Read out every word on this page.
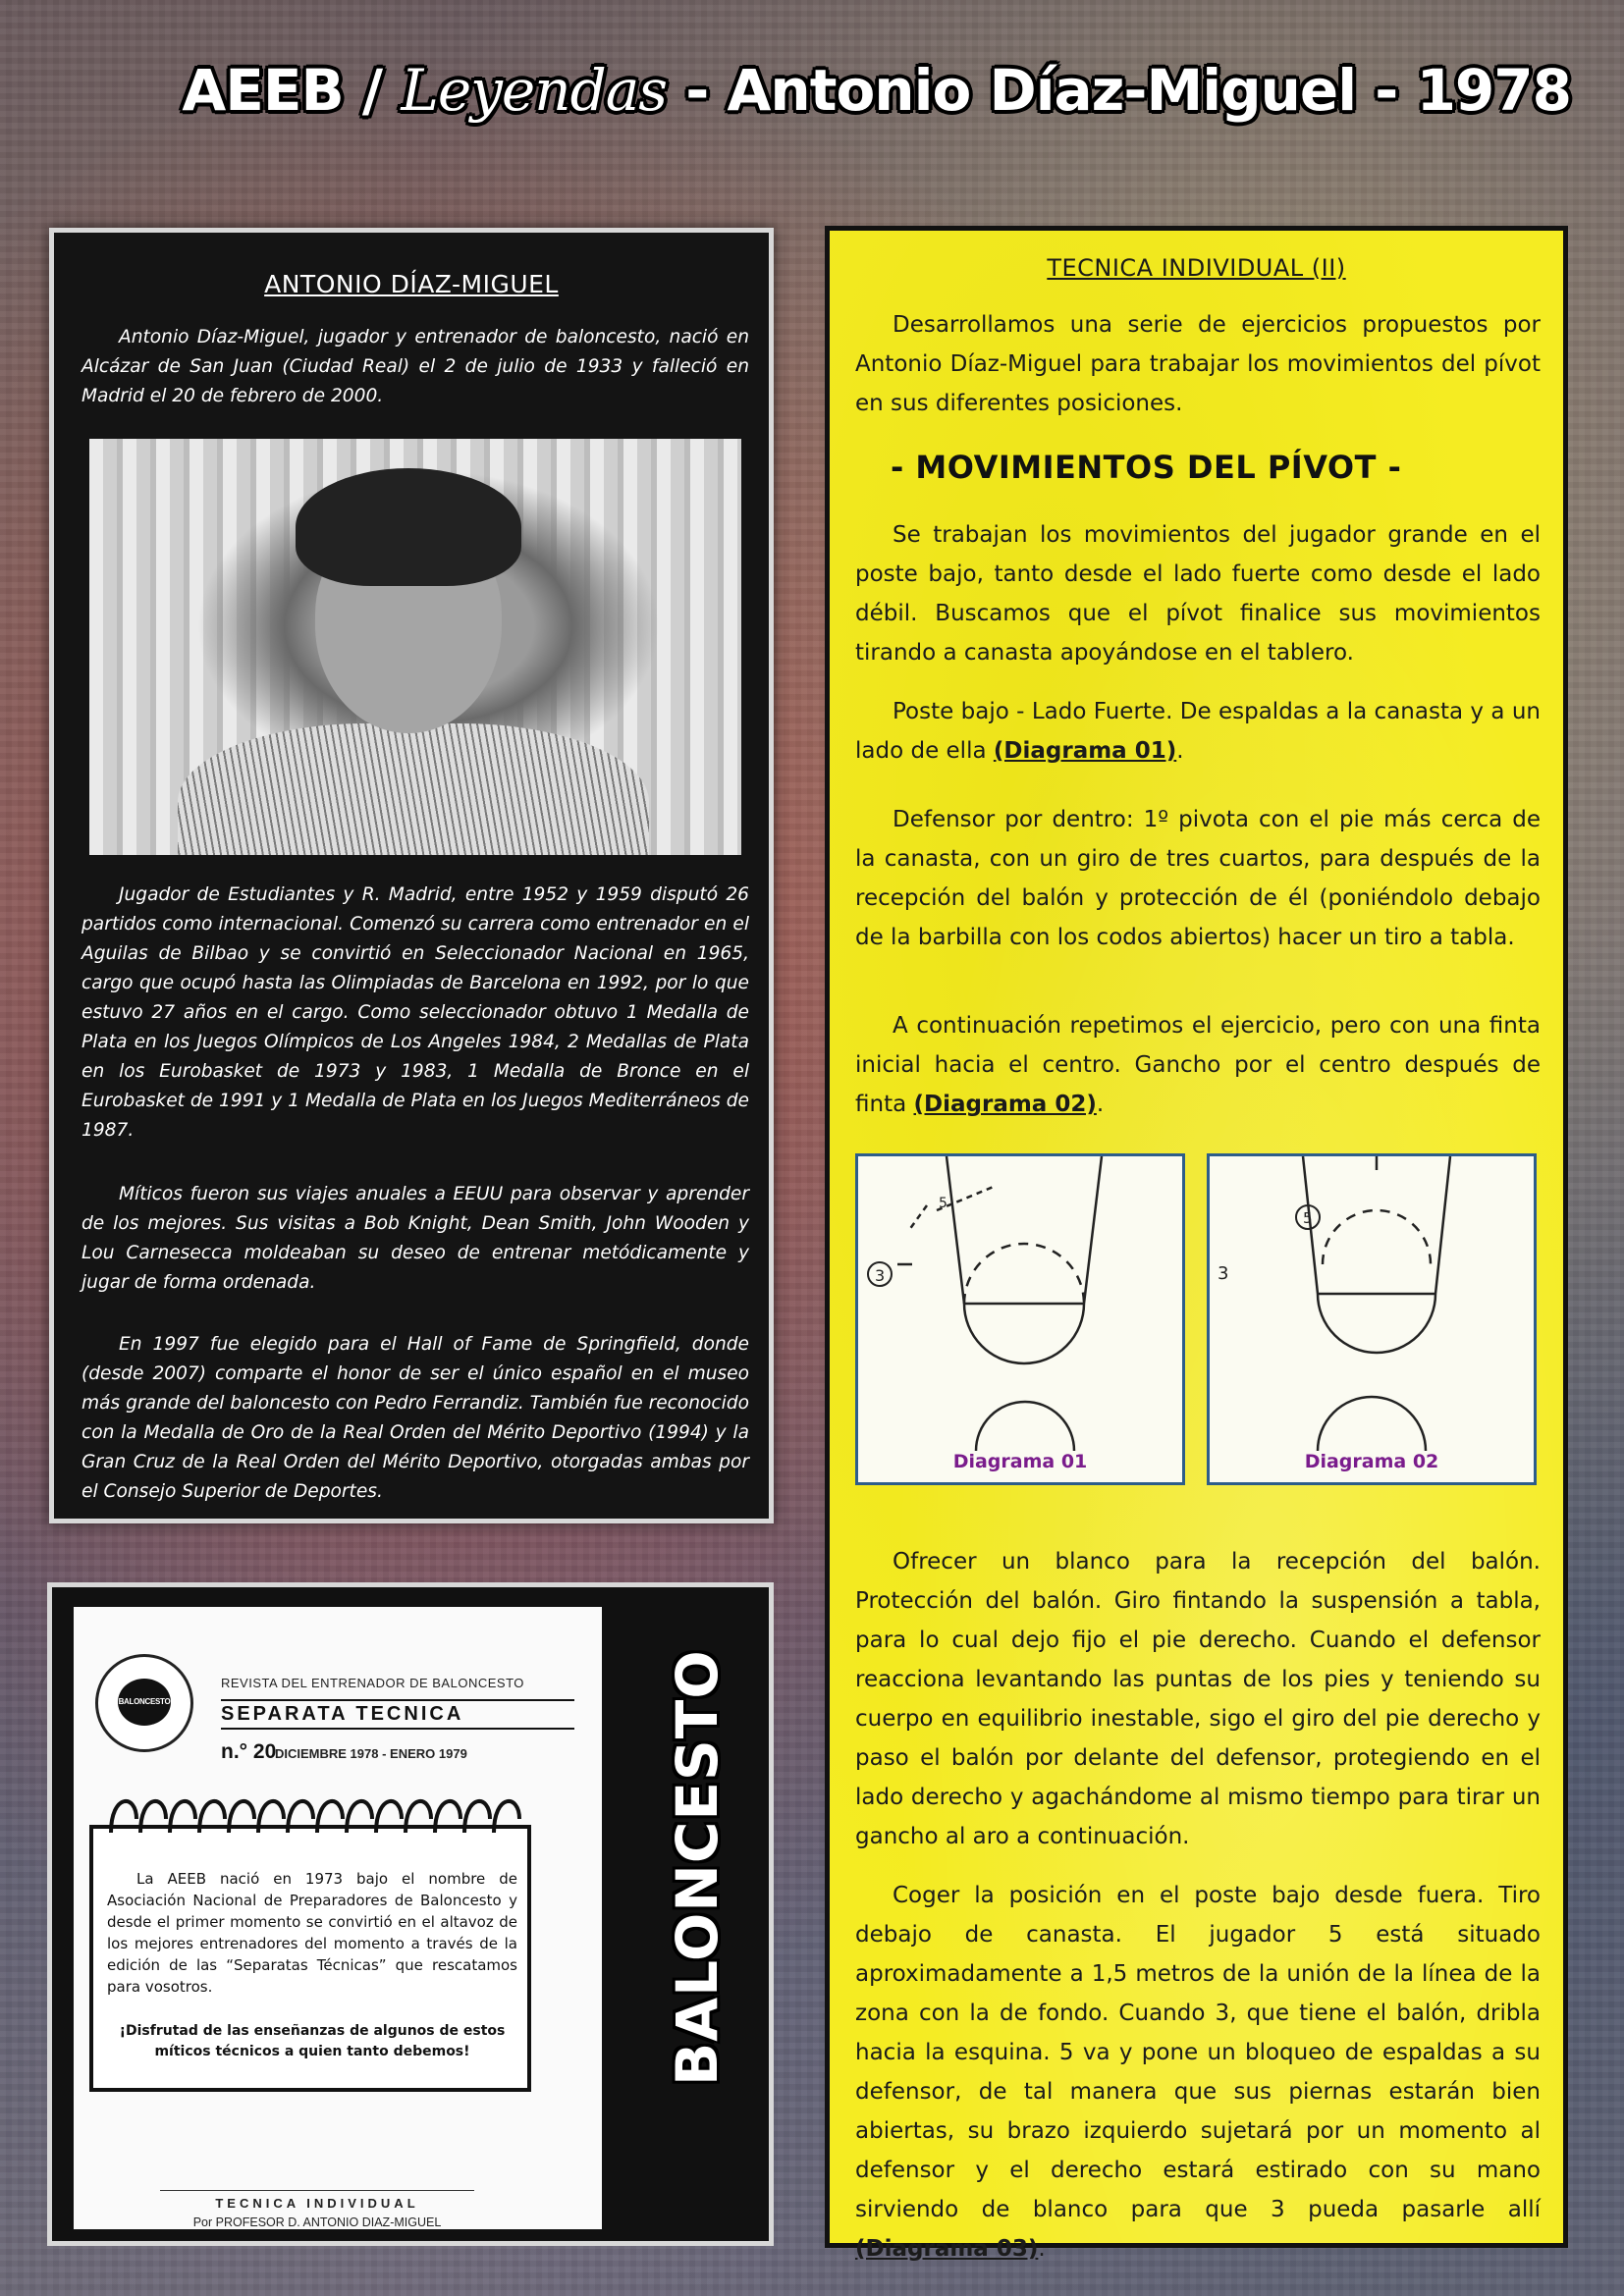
AEEB / Leyendas - Antonio Díaz-Miguel - 1978
ANTONIO DÍAZ-MIGUEL

Antonio Díaz-Miguel, jugador y entrenador de baloncesto, nació en Alcázar de San Juan (Ciudad Real) el 2 de julio de 1933 y falleció en Madrid el 20 de febrero de 2000.

Jugador de Estudiantes y R. Madrid, entre 1952 y 1959 disputó 26 partidos como internacional. Comenzó su carrera como entrenador en el Aguilas de Bilbao y se convirtió en Seleccionador Nacional en 1965, cargo que ocupó hasta las Olimpiadas de Barcelona en 1992, por lo que estuvo 27 años en el cargo. Como seleccionador obtuvo 1 Medalla de Plata en los Juegos Olímpicos de Los Angeles 1984, 2 Medallas de Plata en los Eurobasket de 1973 y 1983, 1 Medalla de Bronce en el Eurobasket de 1991 y 1 Medalla de Plata en los Juegos Mediterráneos de 1987.

Míticos fueron sus viajes anuales a EEUU para observar y aprender de los mejores. Sus visitas a Bob Knight, Dean Smith, John Wooden y Lou Carnesecca moldeaban su deseo de entrenar metódicamente y jugar de forma ordenada.

En 1997 fue elegido para el Hall of Fame de Springfield, donde (desde 2007) comparte el honor de ser el único español en el museo más grande del baloncesto con Pedro Ferrandiz. También fue reconocido con la Medalla de Oro de la Real Orden del Mérito Deportivo (1994) y la Gran Cruz de la Real Orden del Mérito Deportivo, otorgadas ambas por el Consejo Superior de Deportes.

BALONCESTO
REVISTA DEL ENTRENADOR DE BALONCESTO
SEPARATA TECNICA
n.° 20
DICIEMBRE 1978 - ENERO 1979

La AEEB nació en 1973 bajo el nombre de Asociación Nacional de Preparadores de Baloncesto y desde el primer momento se convirtió en el altavoz de los mejores entrenadores del momento a través de la edición de las “Separatas Técnicas” que rescatamos para vosotros.

¡Disfrutad de las enseñanzas de algunos de estos míticos técnicos a quien tanto debemos!

TECNICA INDIVIDUAL
Por PROFESOR D. ANTONIO DIAZ-MIGUEL
BALONCESTO
TECNICA INDIVIDUAL (II)

Desarrollamos una serie de ejercicios propuestos por Antonio Díaz-Miguel para trabajar los movimientos del pívot en sus diferentes posiciones.

- MOVIMIENTOS DEL PÍVOT -

Se trabajan los movimientos del jugador grande en el poste bajo, tanto desde el lado fuerte como desde el lado débil. Buscamos que el pívot finalice sus movimientos tirando a canasta apoyándose en el tablero.

Poste bajo - Lado Fuerte. De espaldas a la canasta y a un lado de ella (Diagrama 01).

Defensor por dentro: 1º pivota con el pie más cerca de la canasta, con un giro de tres cuartos, para después de la recepción del balón y protección de él (poniéndolo debajo de la barbilla con los codos abiertos) hacer un tiro a tabla.

A continuación repetimos el ejercicio, pero con una finta inicial hacia el centro. Gancho por el centro después de finta (Diagrama 02).

3
5
Diagrama 01
5
3
Diagrama 02

Ofrecer un blanco para la recepción del balón. Protección del balón. Giro fintando la suspensión a tabla, para lo cual dejo fijo el pie derecho. Cuando el defensor reacciona levantando las puntas de los pies y teniendo su cuerpo en equilibrio inestable, sigo el giro del pie derecho y paso el balón por delante del defensor, protegiendo en el lado derecho y agachándome al mismo tiempo para tirar un gancho al aro a continuación.

Coger la posición en el poste bajo desde fuera. Tiro debajo de canasta. El jugador 5 está situado aproximadamente a 1,5 metros de la unión de la línea de la zona con la de fondo. Cuando 3, que tiene el balón, dribla hacia la esquina. 5 va y pone un bloqueo de espaldas a su defensor, de tal manera que sus piernas estarán bien abiertas, su brazo izquierdo sujetará por un momento al defensor y el derecho estará estirado con su mano sirviendo de blanco para que 3 pueda pasarle allí (Diagrama 03).
